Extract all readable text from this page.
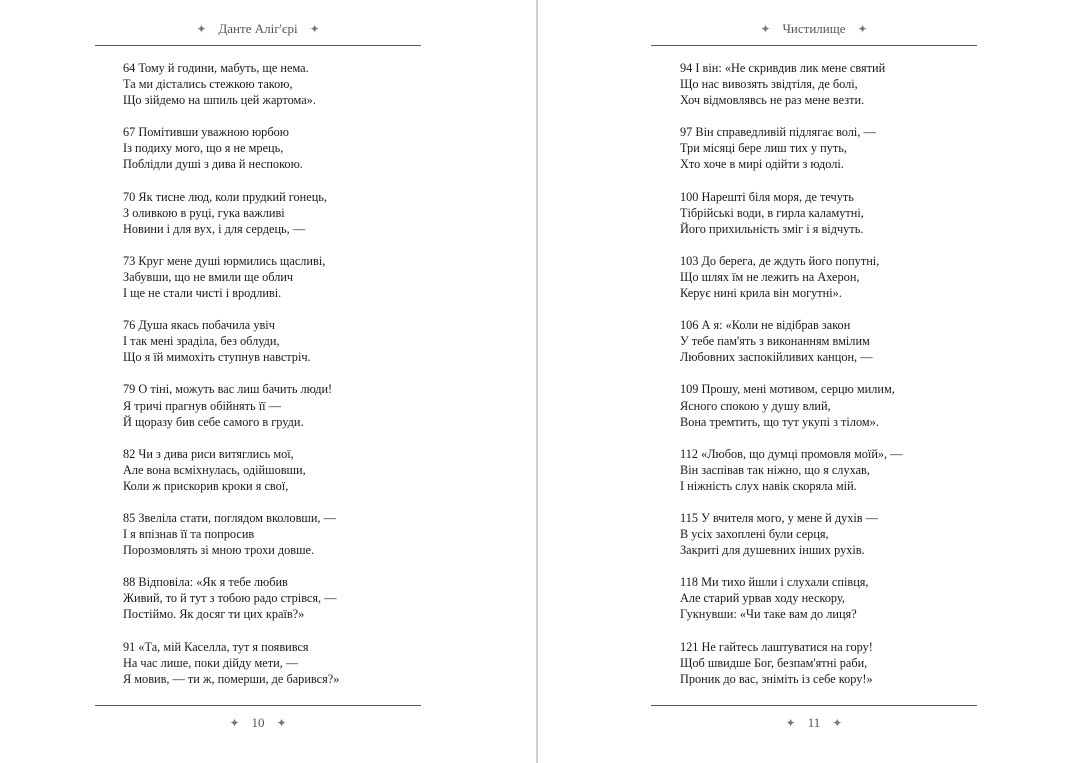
✦ Данте Аліг'єрі ✦
64 Тому й години, мабуть, ще нема.
Та ми дістались стежкою такою,
Що зійдемо на шпиль цей жартома».
67 Помітивши уважною юрбою
Із подиху мого, що я не мрець,
Поблідли душі з дива й неспокою.
70 Як тисне люд, коли прудкий гонець,
З оливкою в руці, гука важливі
Новини і для вух, і для сердець, —
73 Круг мене душі юрмились щасливі,
Забувши, що не вмили ще облич
І ще не стали чисті і вродливі.
76 Душа якась побачила увіч
І так мені зраділа, без облуди,
Що я їй мимохіть ступнув навстріч.
79 О тіні, можуть вас лиш бачить люди!
Я тричі прагнув обійнять її —
Й щоразу бив себе самого в груди.
82 Чи з дива риси витяглись мої,
Але вона всміхнулась, одійшовши,
Коли ж прискорив кроки я свої,
85 Звеліла стати, поглядом вколовши, —
І я впізнав її та попросив
Порозмовлять зі мною трохи довше.
88 Відповіла: «Як я тебе любив
Живий, то й тут з тобою радо стрівся, —
Постіймо. Як досяг ти цих країв?»
91 «Та, мій Каселла, тут я появився
На час лише, поки дійду мети, —
Я мовив, — ти ж, померши, де барився?»
✦ 10 ✦
✦ Чистилище ✦
94 І він: «Не скривдив лик мене святий
Що нас вивозять звідтіля, де болі,
Хоч відмовлявсь не раз мене везти.
97 Він справедливій підлягає волі, —
Три місяці бере лиш тих у путь,
Хто хоче в мирі одійти з юдолі.
100 Нарешті біля моря, де течуть
Тібрійські води, в гирла каламутні,
Його прихильність зміг і я відчуть.
103 До берега, де ждуть його попутні,
Що шлях їм не лежить на Ахерон,
Керує нині крила він могутні».
106 А я: «Коли не відібрав закон
У тебе пам'ять з виконанням вмілим
Любовних заспокійливих канцон, —
109 Прошу, мені мотивом, серцю милим,
Ясного спокою у душу влий,
Вона тремтить, що тут укупі з тілом».
112 «Любов, що думці промовля моїй», —
Він заспівав так ніжно, що я слухав,
І ніжність слух навік скоряла мій.
115 У вчителя мого, у мене й духів —
В усіх захоплені були серця,
Закриті для душевних інших рухів.
118 Ми тихо йшли і слухали співця,
Але старий урвав ходу нескору,
Гукнувши: «Чи таке вам до лиця?
121 Не гайтесь лаштуватися на гору!
Щоб швидше Бог, безпам'ятні раби,
Проник до вас, зніміть із себе кору!»
✦ 11 ✦
